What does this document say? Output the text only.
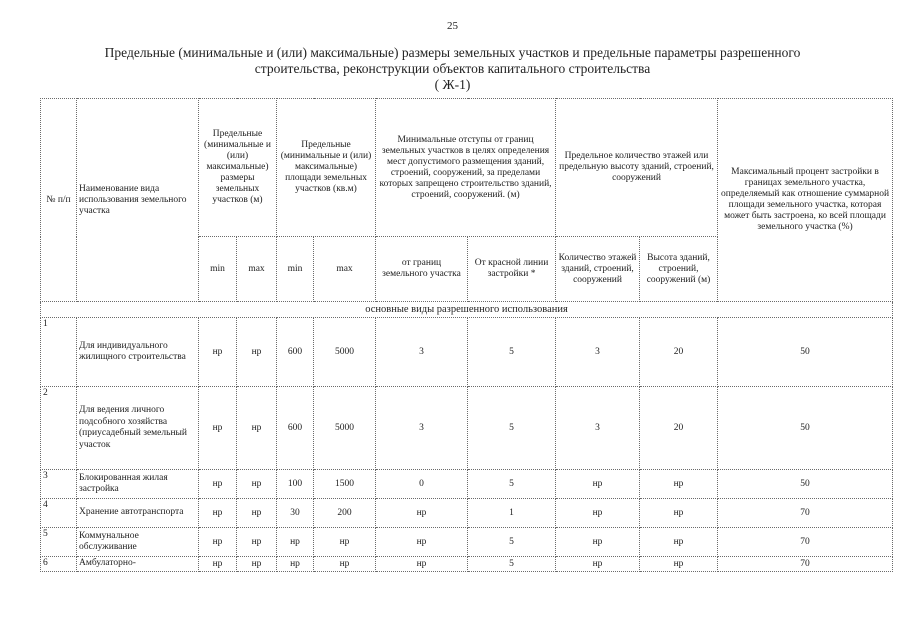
25
Предельные (минимальные и (или) максимальные) размеры земельных участков и предельные параметры разрешенного
строительства, реконструкции объектов капитального строительства
( Ж-1)
№ п/п	Наименование вида использования земельного участка	Предельные (минимальные и (или) максимальные) размеры земельных участков (м)		Предельные (минимальные и (или) максимальные) площади земельных участков (кв.м)		Минимальные отступы от границ земельных участков в целях определения мест допустимого размещения зданий, строений, сооружений, за пределами которых запрещено строительство зданий, строений, сооружений. (м)		Предельное количество этажей или предельную высоту зданий, строений, сооружений		Максимальный процент застройки в границах земельного участка, определяемый как отношение суммарной площади земельного участка, которая может быть застроена, ко всей площади земельного участка (%)
		min	max	min	max	от границ земельного участка	От красной линии застройки *	Количество этажей зданий, строений, сооружений	Высота зданий, строений, сооружений (м)	
основные виды разрешенного использования										
1	Для индивидуального жилищного строительства	нр	нр	600	5000	3	5	3	20	50
2	Для ведения личного подсобного хозяйства (приусадебный земельный участок	нр	нр	600	5000	3	5	3	20	50
3	Блокированная жилая застройка	нр	нр	100	1500	0	5	нр	нр	50
4	Хранение автотранспорта	нр	нр	30	200	нр	1	нр	нр	70
5	Коммунальное обслуживание	нр	нр	нр	нр	нр	5	нр	нр	70
6	Амбулаторно-	нр	нр	нр	нр	нр	5	нр	нр	70
